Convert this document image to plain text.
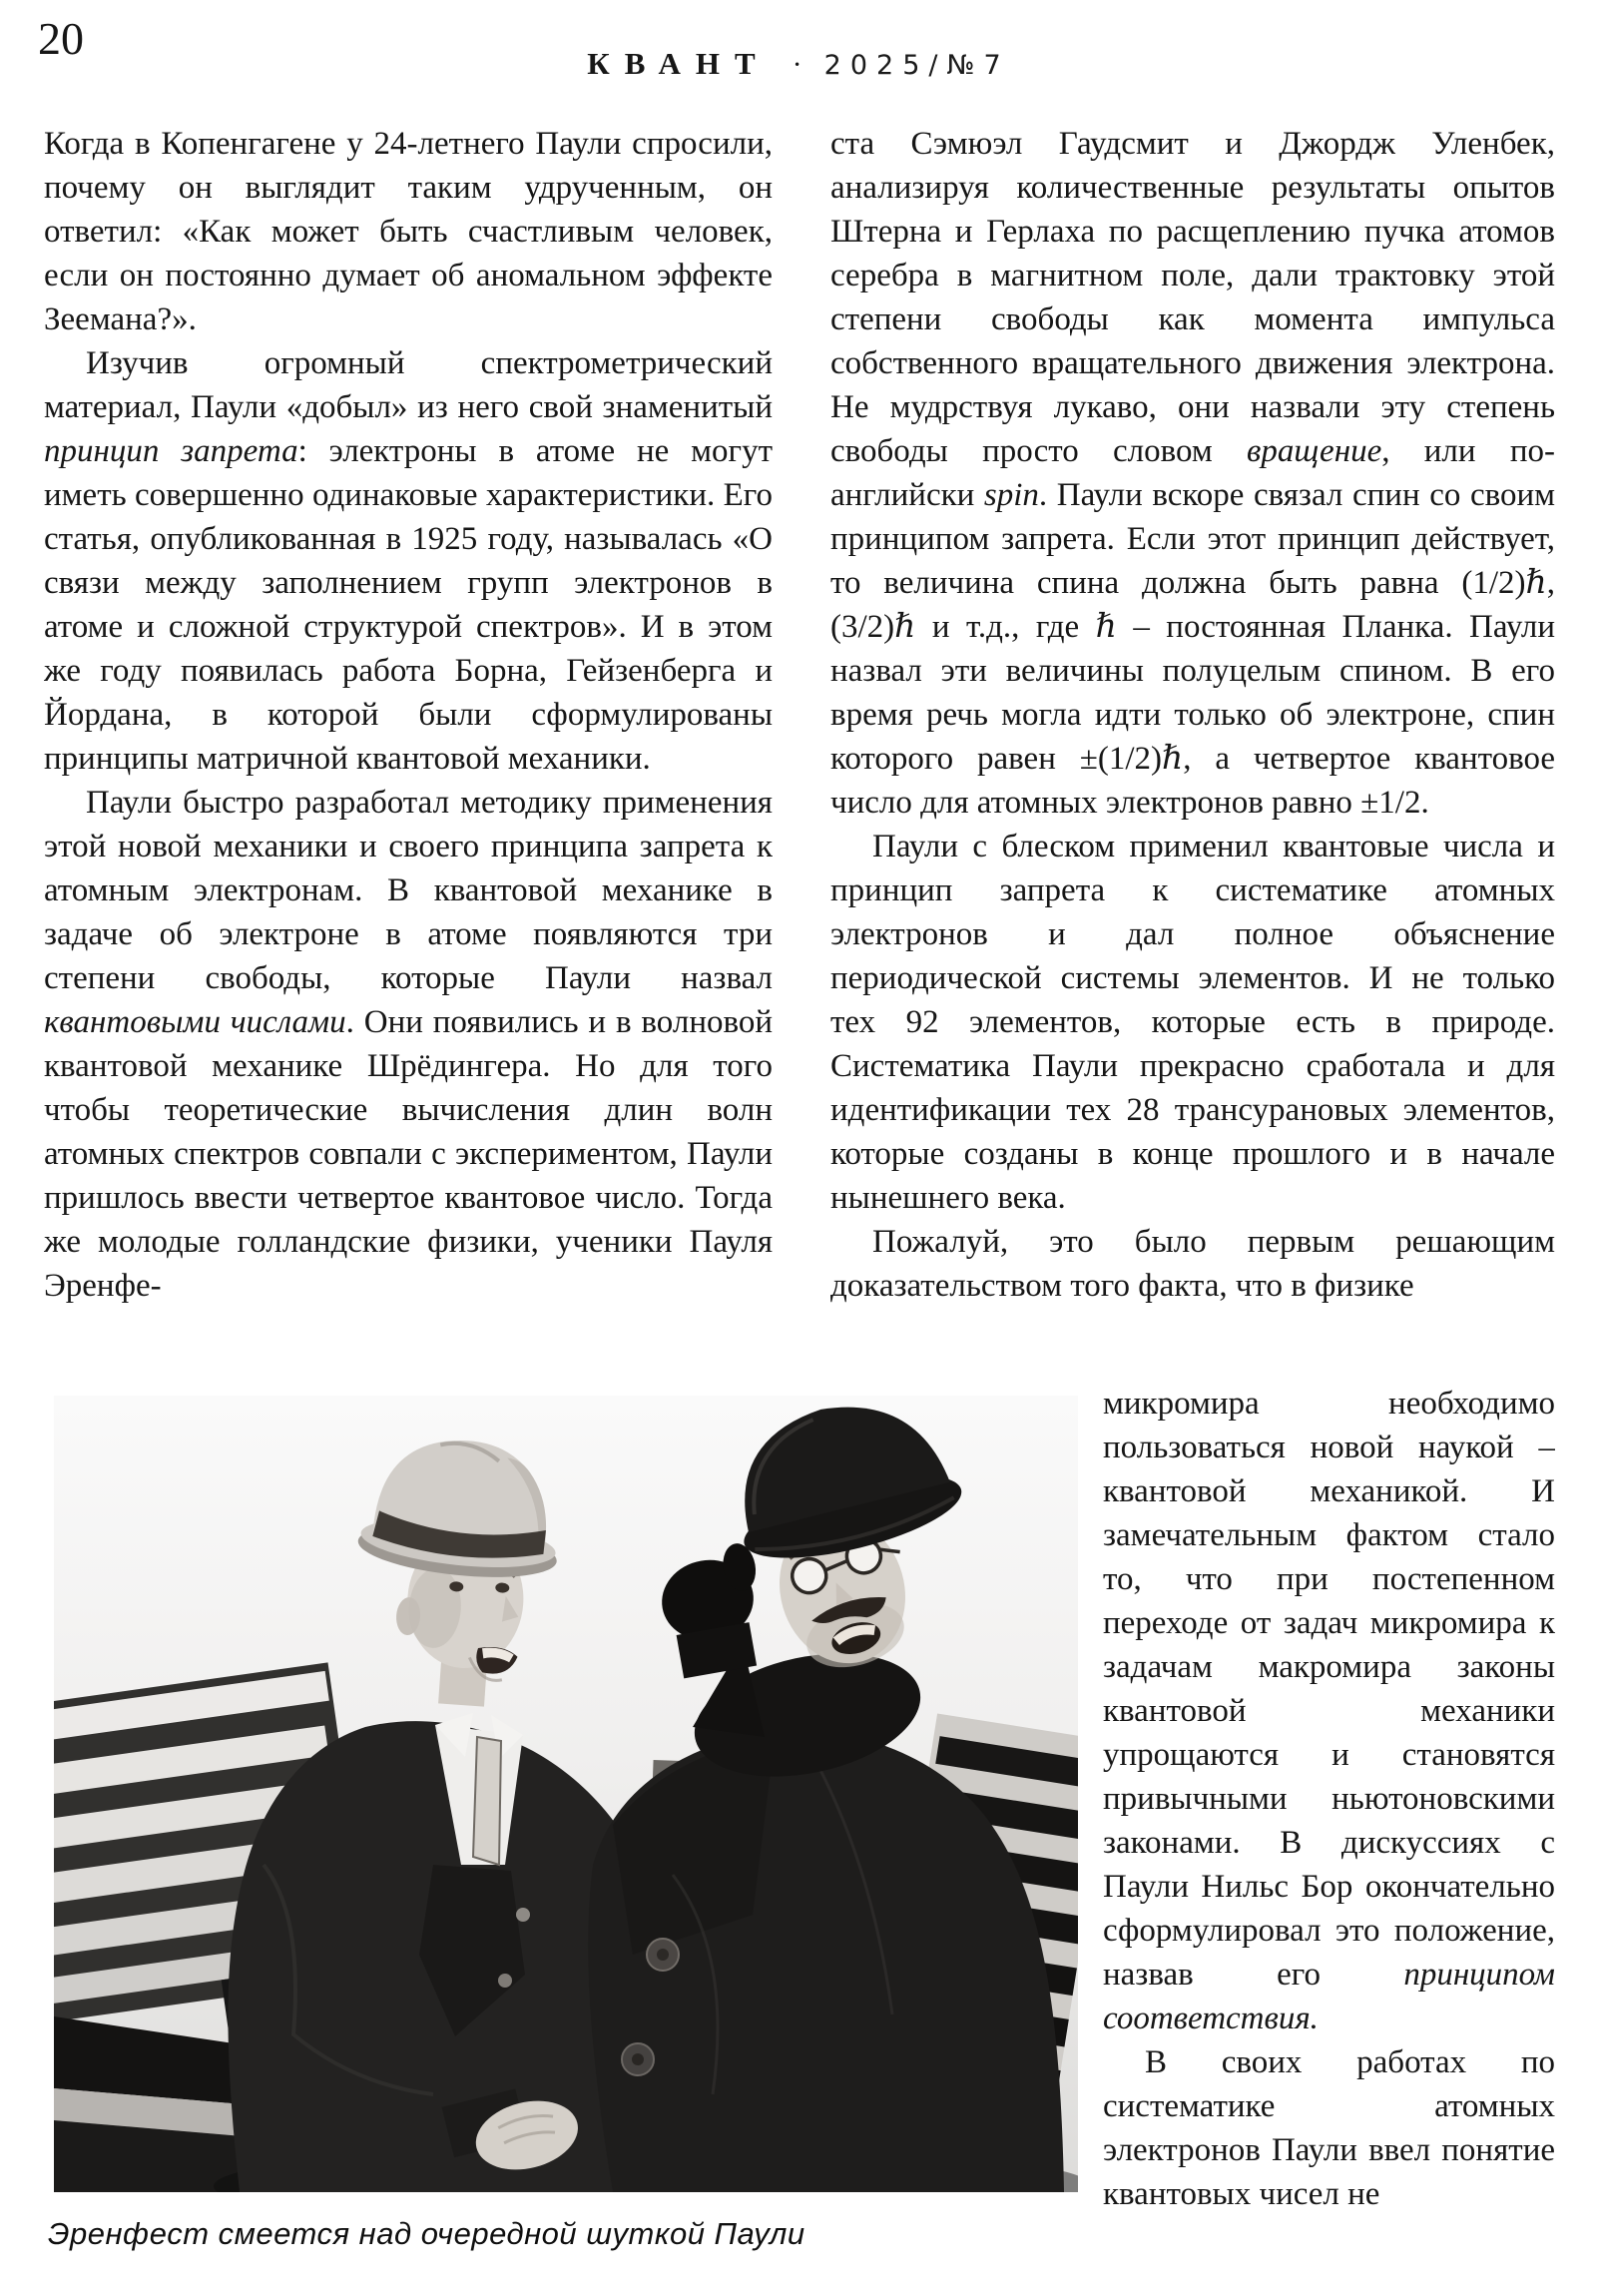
20	КВАНТ · 2025/№7

Когда в Копенгагене у 24-летнего Паули спросили, почему он выглядит таким удрученным, он ответил: «Как может быть счастливым человек, если он постоянно думает об аномальном эффекте Зеемана?».

Изучив огромный спектрометрический материал, Паули «добыл» из него свой знаменитый принцип запрета: электроны в атоме не могут иметь совершенно одинаковые характеристики. Его статья, опубликованная в 1925 году, называлась «О связи между заполнением групп электронов в атоме и сложной структурой спектров». И в этом же году появилась работа Борна, Гейзенберга и Йордана, в которой были сформулированы принципы матричной квантовой механики.

Паули быстро разработал методику применения этой новой механики и своего принципа запрета к атомным электронам. В квантовой механике в задаче об электроне в атоме появляются три степени свободы, которые Паули назвал квантовыми числами. Они появились и в волновой квантовой механике Шрёдингера. Но для того чтобы теоретические вычисления длин волн атомных спектров совпали с экспериментом, Паули пришлось ввести четвертое квантовое число. Тогда же молодые голландские физики, ученики Пауля Эренфе-

ста Сэмюэл Гаудсмит и Джордж Уленбек, анализируя количественные результаты опытов Штерна и Герлаха по расщеплению пучка атомов серебра в магнитном поле, дали трактовку этой степени свободы как момента импульса собственного вращательного движения электрона. Не мудрствуя лукаво, они назвали эту степень свободы просто словом вращение, или по-английски spin. Паули вскоре связал спин со своим принципом запрета. Если этот принцип действует, то величина спина должна быть равна (1/2)ℏ, (3/2)ℏ и т.д., где ℏ – постоянная Планка. Паули назвал эти величины полуцелым спином. В его время речь могла идти только об электроне, спин которого равен ±(1/2)ℏ, а четвертое квантовое число для атомных электронов равно ±1/2.

Паули с блеском применил квантовые числа и принцип запрета к систематике атомных электронов и дал полное объяснение периодической системы элементов. И не только тех 92 элементов, которые есть в природе. Систематика Паули прекрасно сработала и для идентификации тех 28 трансурановых элементов, которые созданы в конце прошлого и в начале нынешнего века.

Пожалуй, это было первым решающим доказательством того факта, что в физике

микромира необходимо пользоваться новой наукой – квантовой механикой. И замечательным фактом стало то, что при постепенном переходе от задач микромира к задачам макромира законы квантовой механики упрощаются и становятся привычными ньютоновскими законами. В дискуссиях с Паули Нильс Бор окончательно сформулировал это положение, назвав его принципом соответствия.

В своих работах по систематике атомных электронов Паули ввел понятие квантовых чисел не

Эренфест смеется над очередной шуткой Паули
